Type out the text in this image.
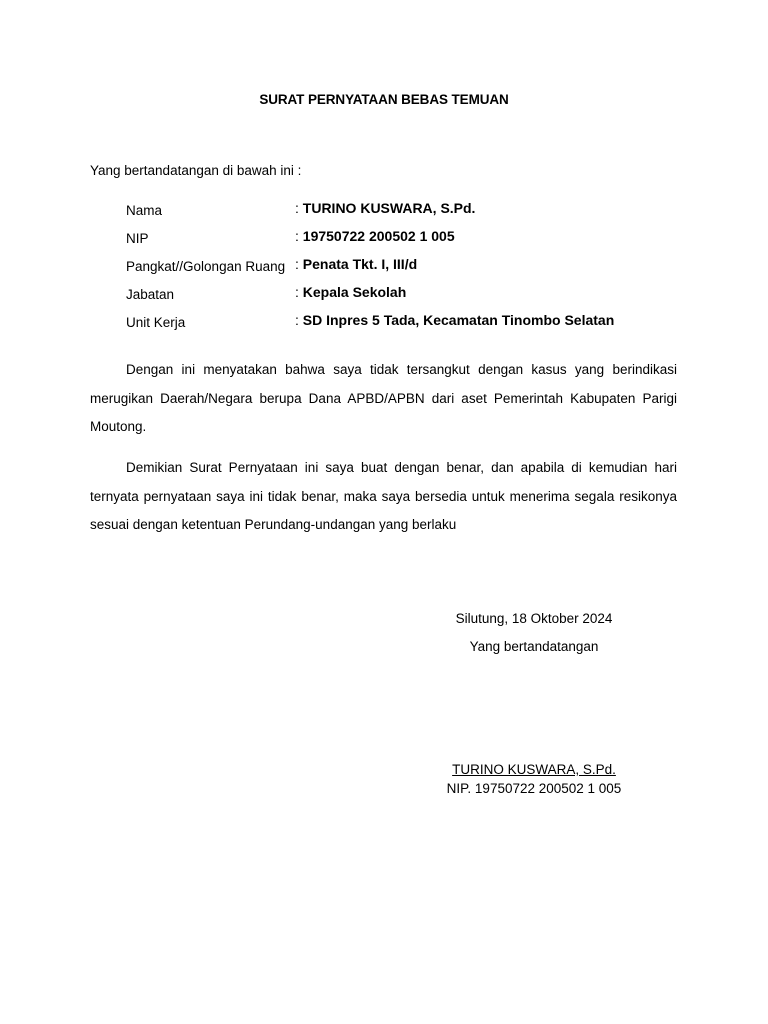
SURAT PERNYATAAN BEBAS TEMUAN
Yang bertandatangan di bawah ini :
Nama	: TURINO KUSWARA, S.Pd.
NIP	: 19750722 200502 1 005
Pangkat//Golongan Ruang : Penata Tkt. I, III/d
Jabatan	: Kepala Sekolah
Unit Kerja	: SD Inpres 5 Tada, Kecamatan Tinombo Selatan

Dengan ini menyatakan bahwa saya tidak tersangkut dengan kasus yang berindikasi merugikan Daerah/Negara berupa Dana APBD/APBN dari aset Pemerintah Kabupaten Parigi Moutong.

Demikian Surat Pernyataan ini saya buat dengan benar, dan apabila di kemudian hari ternyata pernyataan saya ini tidak benar, maka saya bersedia untuk menerima segala resikonya sesuai dengan ketentuan Perundang-undangan yang berlaku

Silutung, 18 Oktober 2024
Yang bertandatangan
TURINO KUSWARA, S.Pd.
NIP. 19750722 200502 1 005
